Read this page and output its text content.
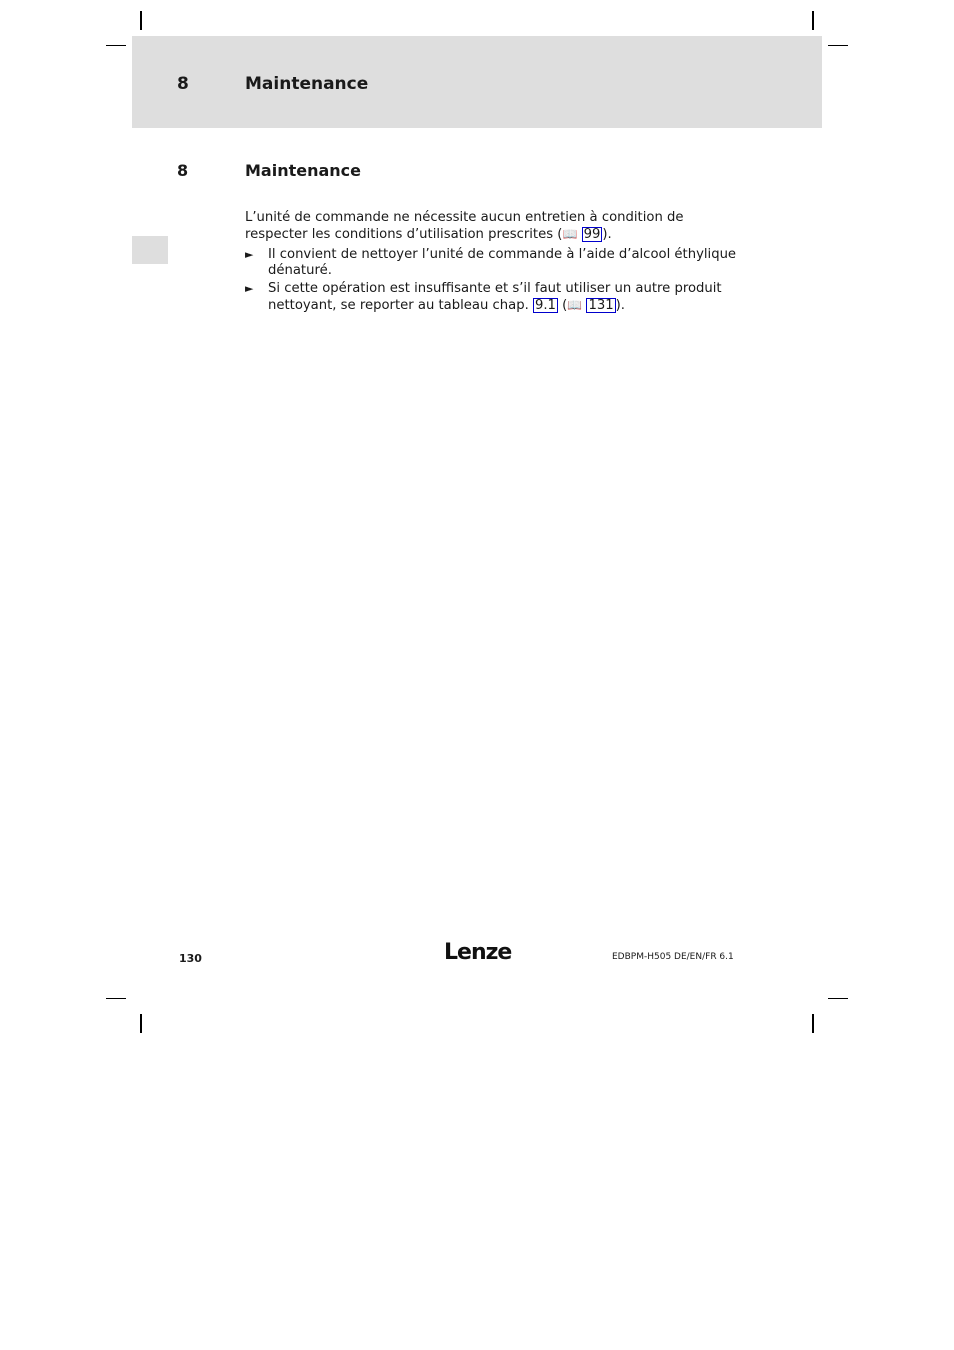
8	Maintenance
8	Maintenance

L’unité de commande ne nécessite aucun entretien à condition de respecter les conditions d’utilisation prescrites (📖 99 ).

► Il convient de nettoyer l’unité de commande à l’aide d’alcool éthylique dénaturé.
► Si cette opération est insuffisante et s’il faut utiliser un autre produit nettoyant, se reporter au tableau chap. 9.1 (📖 131 ).
130	Lenze	EDBPM-H505 DE/EN/FR 6.1
